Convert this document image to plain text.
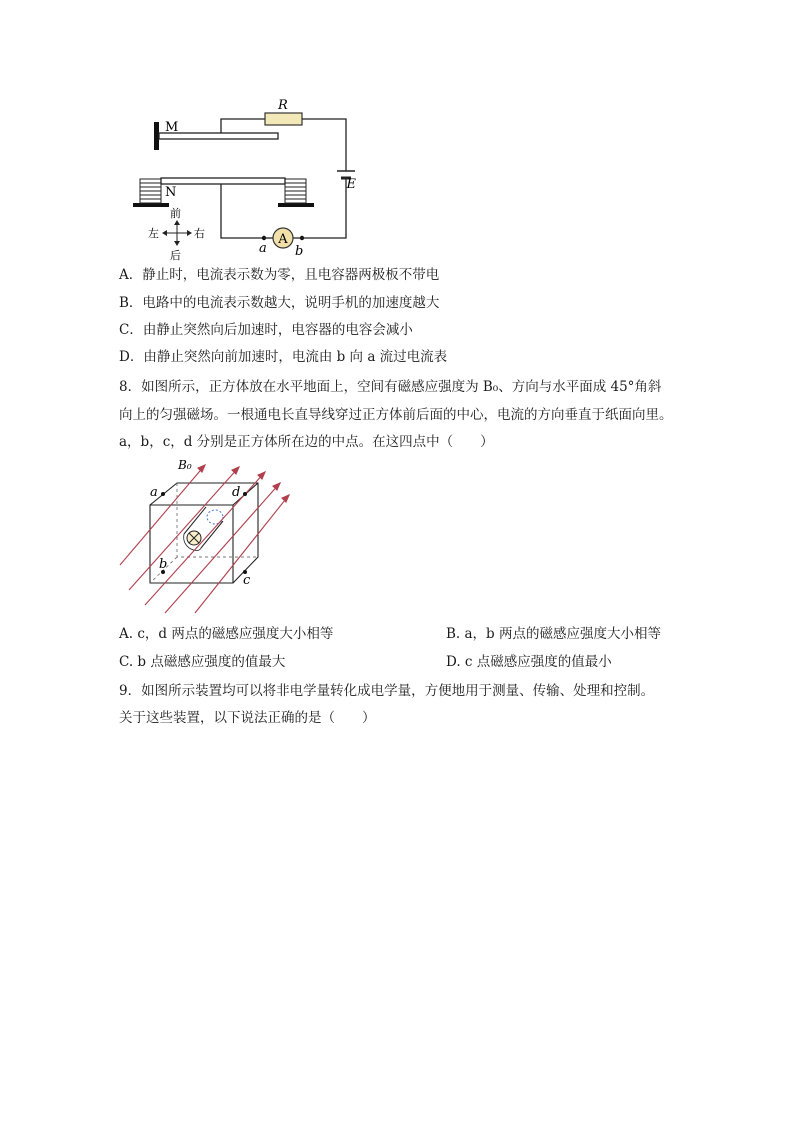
M
R
E
N
A
a b
前
后
左	右
A．静止时，电流表示数为零，且电容器两极板不带电
B．电路中的电流表示数越大，说明手机的加速度越大
C．由静止突然向后加速时，电容器的电容会减小
D．由静止突然向前加速时，电流由 b 向 a 流过电流表
8．如图所示，正方体放在水平地面上，空间有磁感应强度为 B₀、方向与水平面成 45°角斜
向上的匀强磁场。一根通电长直导线穿过正方体前后面的中心，电流的方向垂直于纸面向里。
a，b，c，d 分别是正方体所在边的中点。在这四点中（　　）
B₀
a	d
b
c
A. c，d 两点的磁感应强度大小相等	B. a，b 两点的磁感应强度大小相等
C. b 点磁感应强度的值最大	D. c 点磁感应强度的值最小
9．如图所示装置均可以将非电学量转化成电学量，方便地用于测量、传输、处理和控制。
关于这些装置，以下说法正确的是（　　）
